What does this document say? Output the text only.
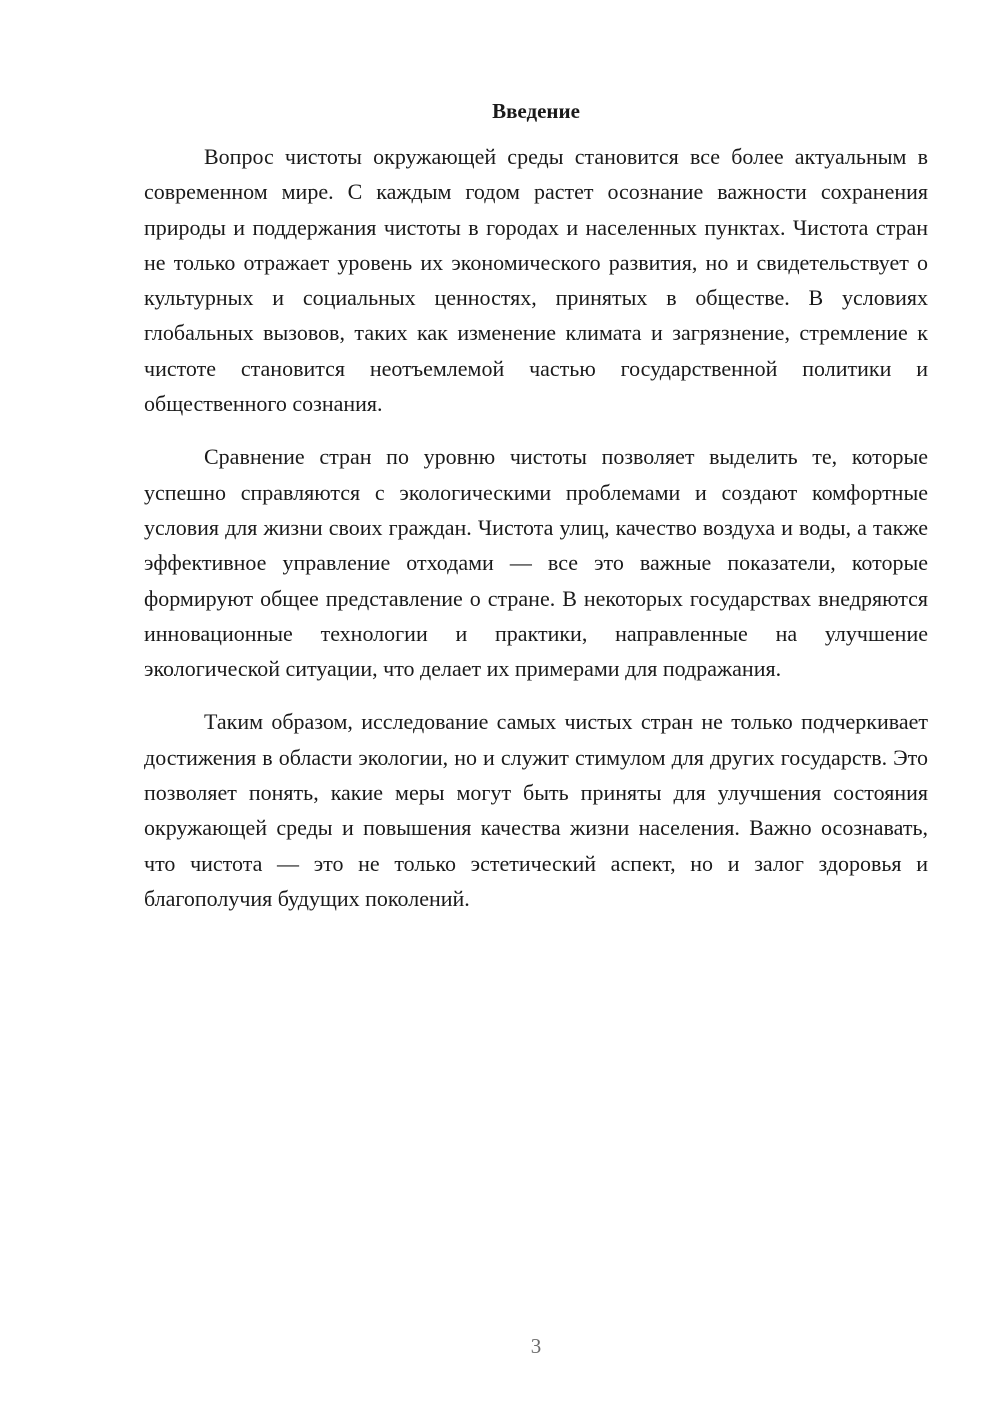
Введение

Вопрос чистоты окружающей среды становится все более актуальным в современном мире. С каждым годом растет осознание важности сохранения природы и поддержания чистоты в городах и населенных пунктах. Чистота стран не только отражает уровень их экономического развития, но и свидетельствует о культурных и социальных ценностях, принятых в обществе. В условиях глобальных вызовов, таких как изменение климата и загрязнение, стремление к чистоте становится неотъемлемой частью государственной политики и общественного сознания.

Сравнение стран по уровню чистоты позволяет выделить те, которые успешно справляются с экологическими проблемами и создают комфортные условия для жизни своих граждан. Чистота улиц, качество воздуха и воды, а также эффективное управление отходами — все это важные показатели, которые формируют общее представление о стране. В некоторых государствах внедряются инновационные технологии и практики, направленные на улучшение экологической ситуации, что делает их примерами для подражания.

Таким образом, исследование самых чистых стран не только подчеркивает достижения в области экологии, но и служит стимулом для других государств. Это позволяет понять, какие меры могут быть приняты для улучшения состояния окружающей среды и повышения качества жизни населения. Важно осознавать, что чистота — это не только эстетический аспект, но и залог здоровья и благополучия будущих поколений.

3
